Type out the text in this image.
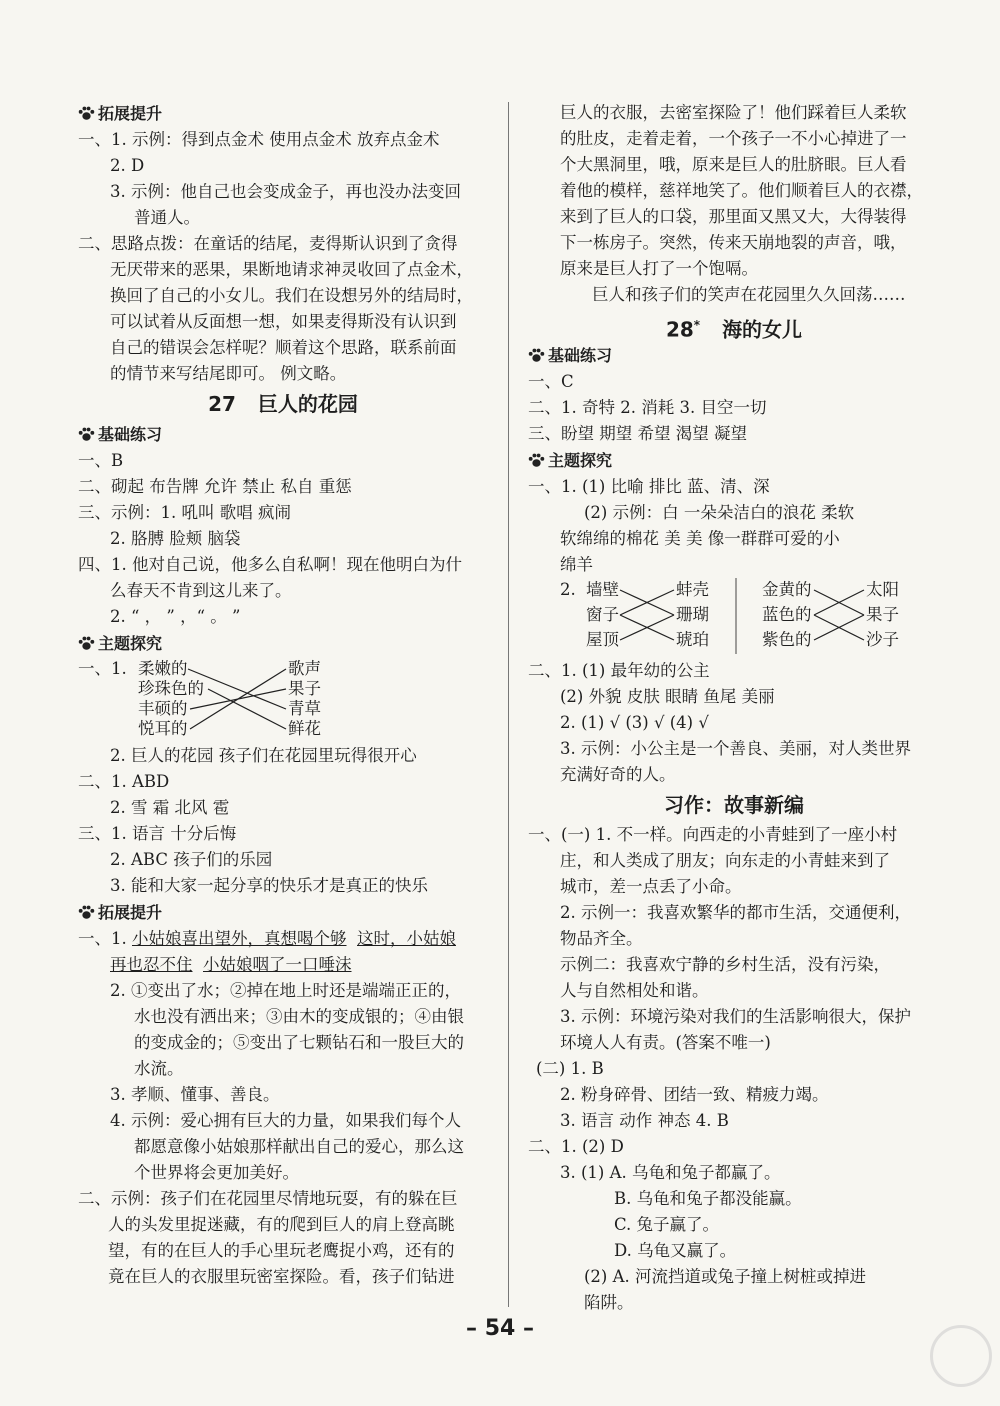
拓展提升
一、1. 示例：得到点金术 使用点金术 放弃点金术
2. D
3. 示例：他自己也会变成金子，再也没办法变回
普通人。
二、思路点拨：在童话的结尾，麦得斯认识到了贪得
无厌带来的恶果，果断地请求神灵收回了点金术，
换回了自己的小女儿。我们在设想另外的结局时，
可以试着从反面想一想，如果麦得斯没有认识到
自己的错误会怎样呢？顺着这个思路，联系前面
的情节来写结尾即可。 例文略。
27 巨人的花园
基础练习
一、B
二、砌起 布告牌 允许 禁止 私自 重惩
三、示例：1. 吼叫 歌唱 疯闹
2. 胳膊 脸颊 脑袋
四、1. 他对自己说，他多么自私啊！现在他明白为什
么春天不肯到这儿来了。
2. “ ， ” ，“ 。 ”
主题探究
一、1. 柔嫩的
珍珠色的
丰硕的
悦耳的
歌声
果子
青草
鲜花
2. 巨人的花园 孩子们在花园里玩得很开心
二、1. ABD
2. 雪 霜 北风 雹
三、1. 语言 十分后悔
2. ABC 孩子们的乐园
3. 能和大家一起分享的快乐才是真正的快乐
拓展提升
一、1. 小姑娘喜出望外，真想喝个够 这时，小姑娘
再也忍不住 小姑娘咽了一口唾沫
2. ①变出了水；②掉在地上时还是端端正正的，
水也没有洒出来；③由木的变成银的；④由银
的变成金的；⑤变出了七颗钻石和一股巨大的
水流。
3. 孝顺、懂事、善良。
4. 示例：爱心拥有巨大的力量，如果我们每个人
都愿意像小姑娘那样献出自己的爱心，那么这
个世界将会更加美好。
二、示例：孩子们在花园里尽情地玩耍，有的躲在巨
人的头发里捉迷藏，有的爬到巨人的肩上登高眺
望，有的在巨人的手心里玩老鹰捉小鸡，还有的
竟在巨人的衣服里玩密室探险。看，孩子们钻进
巨人的衣服，去密室探险了！他们踩着巨人柔软
的肚皮，走着走着，一个孩子一不小心掉进了一
个大黑洞里，哦，原来是巨人的肚脐眼。巨人看
着他的模样，慈祥地笑了。他们顺着巨人的衣襟，
来到了巨人的口袋，那里面又黑又大，大得装得
下一栋房子。突然，传来天崩地裂的声音，哦，
原来是巨人打了一个饱嗝。
巨人和孩子们的笑声在花园里久久回荡……
28* 海的女儿
基础练习
一、C
二、1. 奇特 2. 消耗 3. 目空一切
三、盼望 期望 希望 渴望 凝望
主题探究
一、1. (1) 比喻 排比 蓝、清、深
(2) 示例：白 一朵朵洁白的浪花 柔软
软绵绵的棉花 美 美 像一群群可爱的小
绵羊
2. 墙壁
窗子
屋顶
蚌壳
珊瑚
琥珀
金黄的
蓝色的
紫色的
太阳
果子
沙子
二、1. (1) 最年幼的公主
(2) 外貌 皮肤 眼睛 鱼尾 美丽
2. (1) √ (3) √ (4) √
3. 示例：小公主是一个善良、美丽，对人类世界
充满好奇的人。
习作：故事新编
一、(一) 1. 不一样。向西走的小青蛙到了一座小村
庄，和人类成了朋友；向东走的小青蛙来到了
城市，差一点丢了小命。
2. 示例一：我喜欢繁华的都市生活，交通便利，
物品齐全。
示例二：我喜欢宁静的乡村生活，没有污染，
人与自然相处和谐。
3. 示例：环境污染对我们的生活影响很大，保护
环境人人有责。(答案不唯一)
(二) 1. B
2. 粉身碎骨、团结一致、精疲力竭。
3. 语言 动作 神态 4. B
二、1. (2) D
3. (1) A. 乌龟和兔子都赢了。
B. 乌龟和兔子都没能赢。
C. 兔子赢了。
D. 乌龟又赢了。
(2) A. 河流挡道或兔子撞上树桩或掉进
陷阱。
– 54 –
